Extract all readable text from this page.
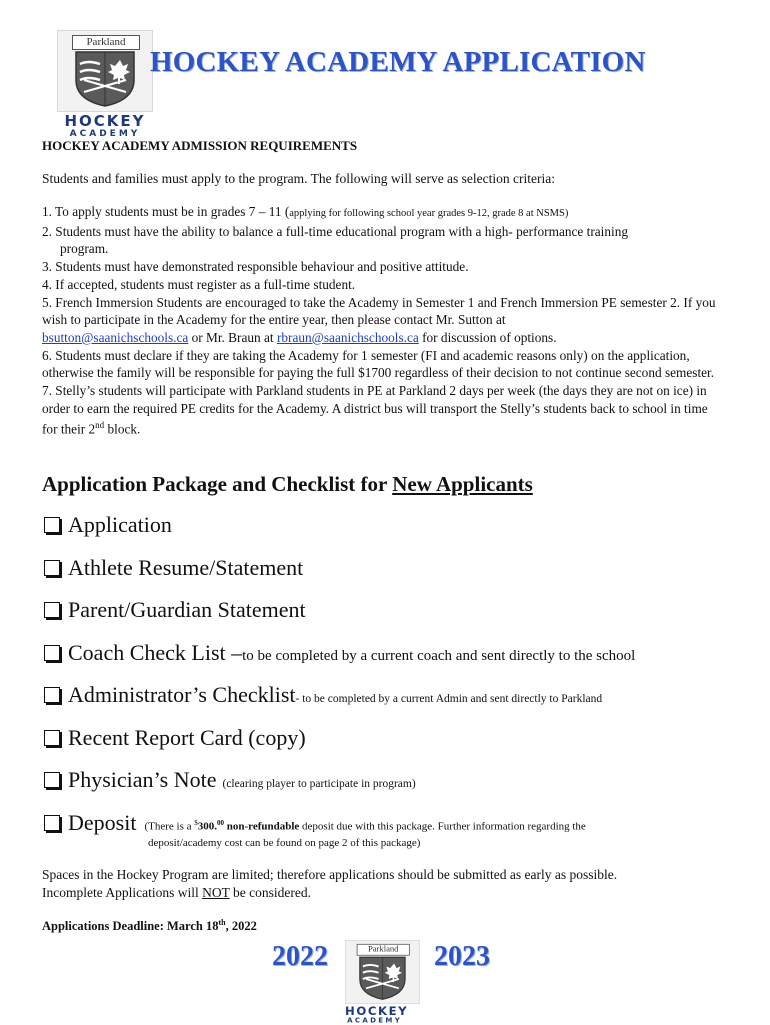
Parkland
HOCKEY
ACADEMY
HOCKEY ACADEMY APPLICATION
HOCKEY ACADEMY ADMISSION REQUIREMENTS
Students and families must apply to the program. The following will serve as selection criteria:

1. To apply students must be in grades 7 – 11 (applying for following school year grades 9-12, grade 8 at NSMS)

2. Students must have the ability to balance a full-time educational program with a high- performance training

program.

3. Students must have demonstrated responsible behaviour and positive attitude.

4. If accepted, students must register as a full-time student.

5. French Immersion Students are encouraged to take the Academy in Semester 1 and French Immersion PE semester 2. If you wish to participate in the Academy for the entire year, then please contact Mr. Sutton at
bsutton@saanichschools.ca or Mr. Braun at rbraun@saanichschools.ca for discussion of options.

6. Students must declare if they are taking the Academy for 1 semester (FI and academic reasons only) on the application, otherwise the family will be responsible for paying the full $1700 regardless of their decision to not continue second semester.

7. Stelly’s students will participate with Parkland students in PE at Parkland 2 days per week (the days they are not on ice) in order to earn the required PE credits for the Academy. A district bus will transport the Stelly’s students back to school in time for their 2nd block.

Application Package and Checklist for New Applicants
Application
Athlete Resume/Statement
Parent/Guardian Statement
Coach Check List – to be completed by a current coach and sent directly to the school
Administrator’s Checklist - to be completed by a current Admin and sent directly to Parkland
Recent Report Card (copy)
Physician’s Note (clearing player to participate in program)
Deposit (There is a $300.00 non-refundable deposit due with this package. Further information regarding the
deposit/academy cost can be found on page 2 of this package)

Spaces in the Hockey Program are limited; therefore applications should be submitted as early as possible.

Incomplete Applications will NOT be considered.

Applications Deadline: March 18th, 2022
2022	2023
Parkland
HOCKEY
ACADEMY
